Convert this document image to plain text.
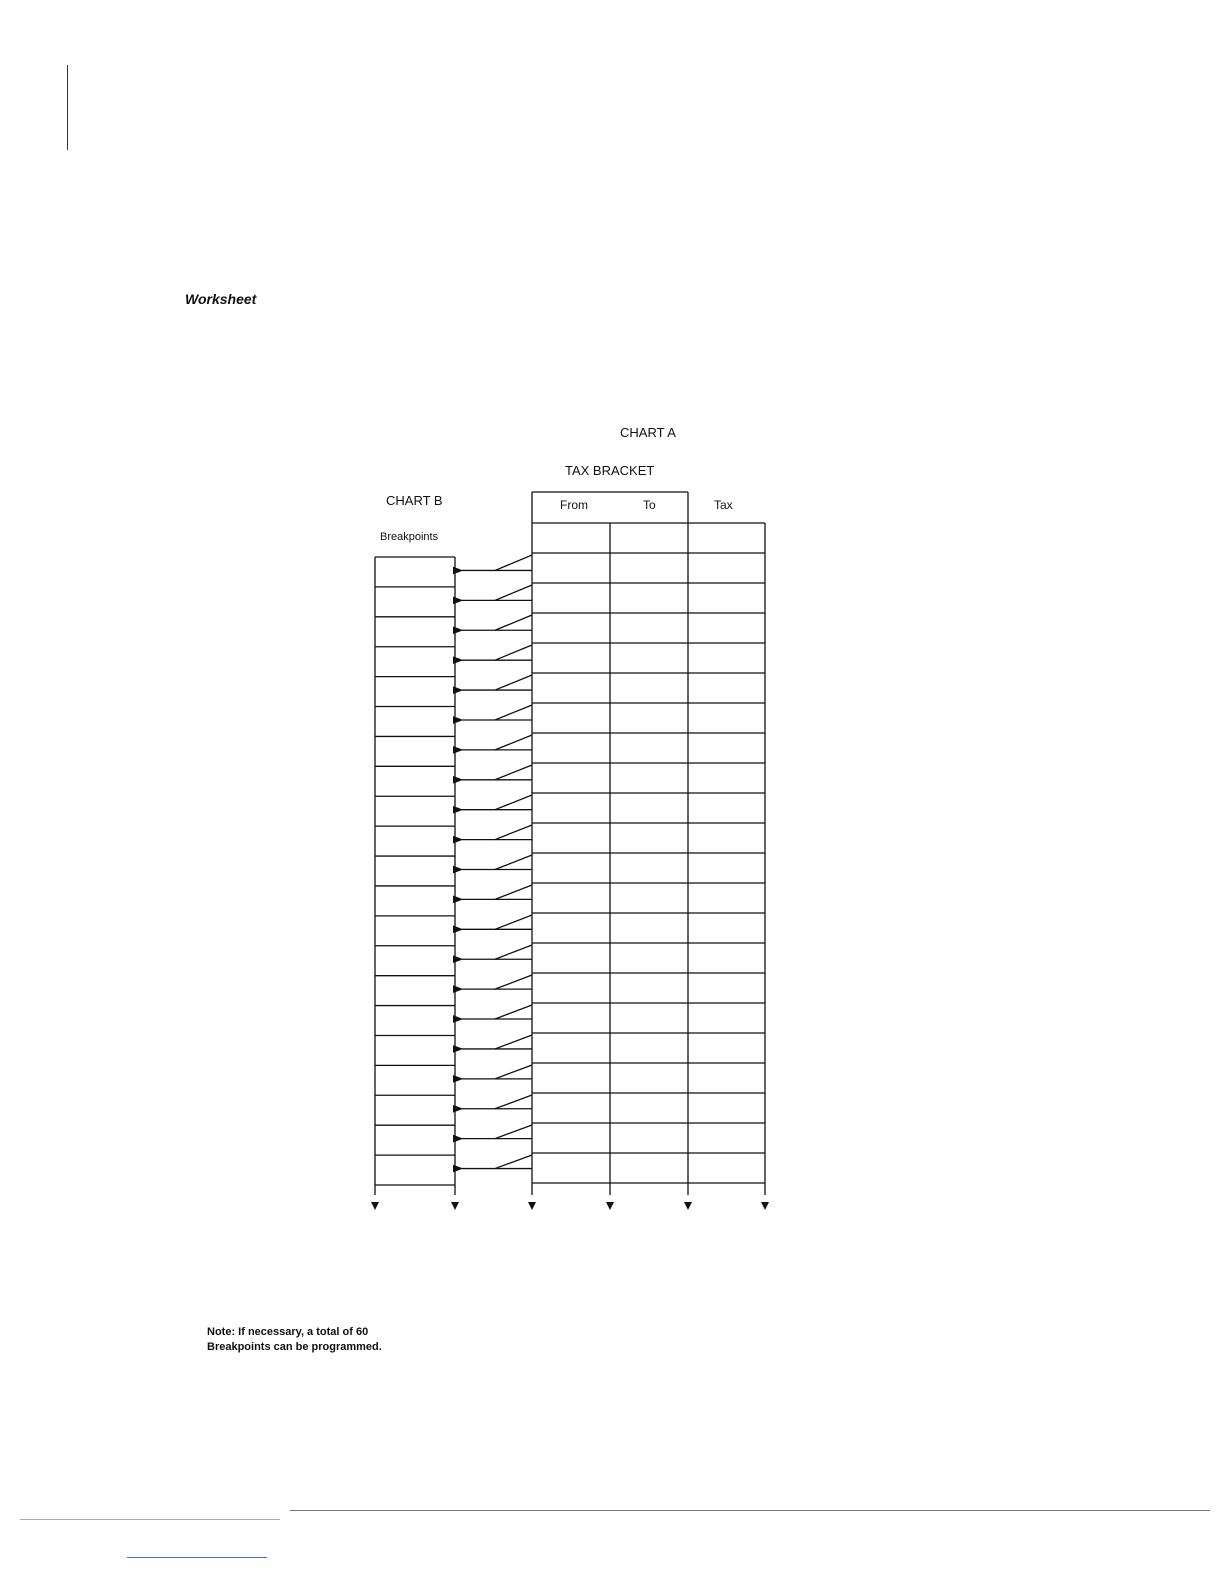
Worksheet
CHART A
TAX BRACKET
CHART B
Breakpoints
From	To	Tax
Note: If necessary, a total of 60
Breakpoints can be programmed.
